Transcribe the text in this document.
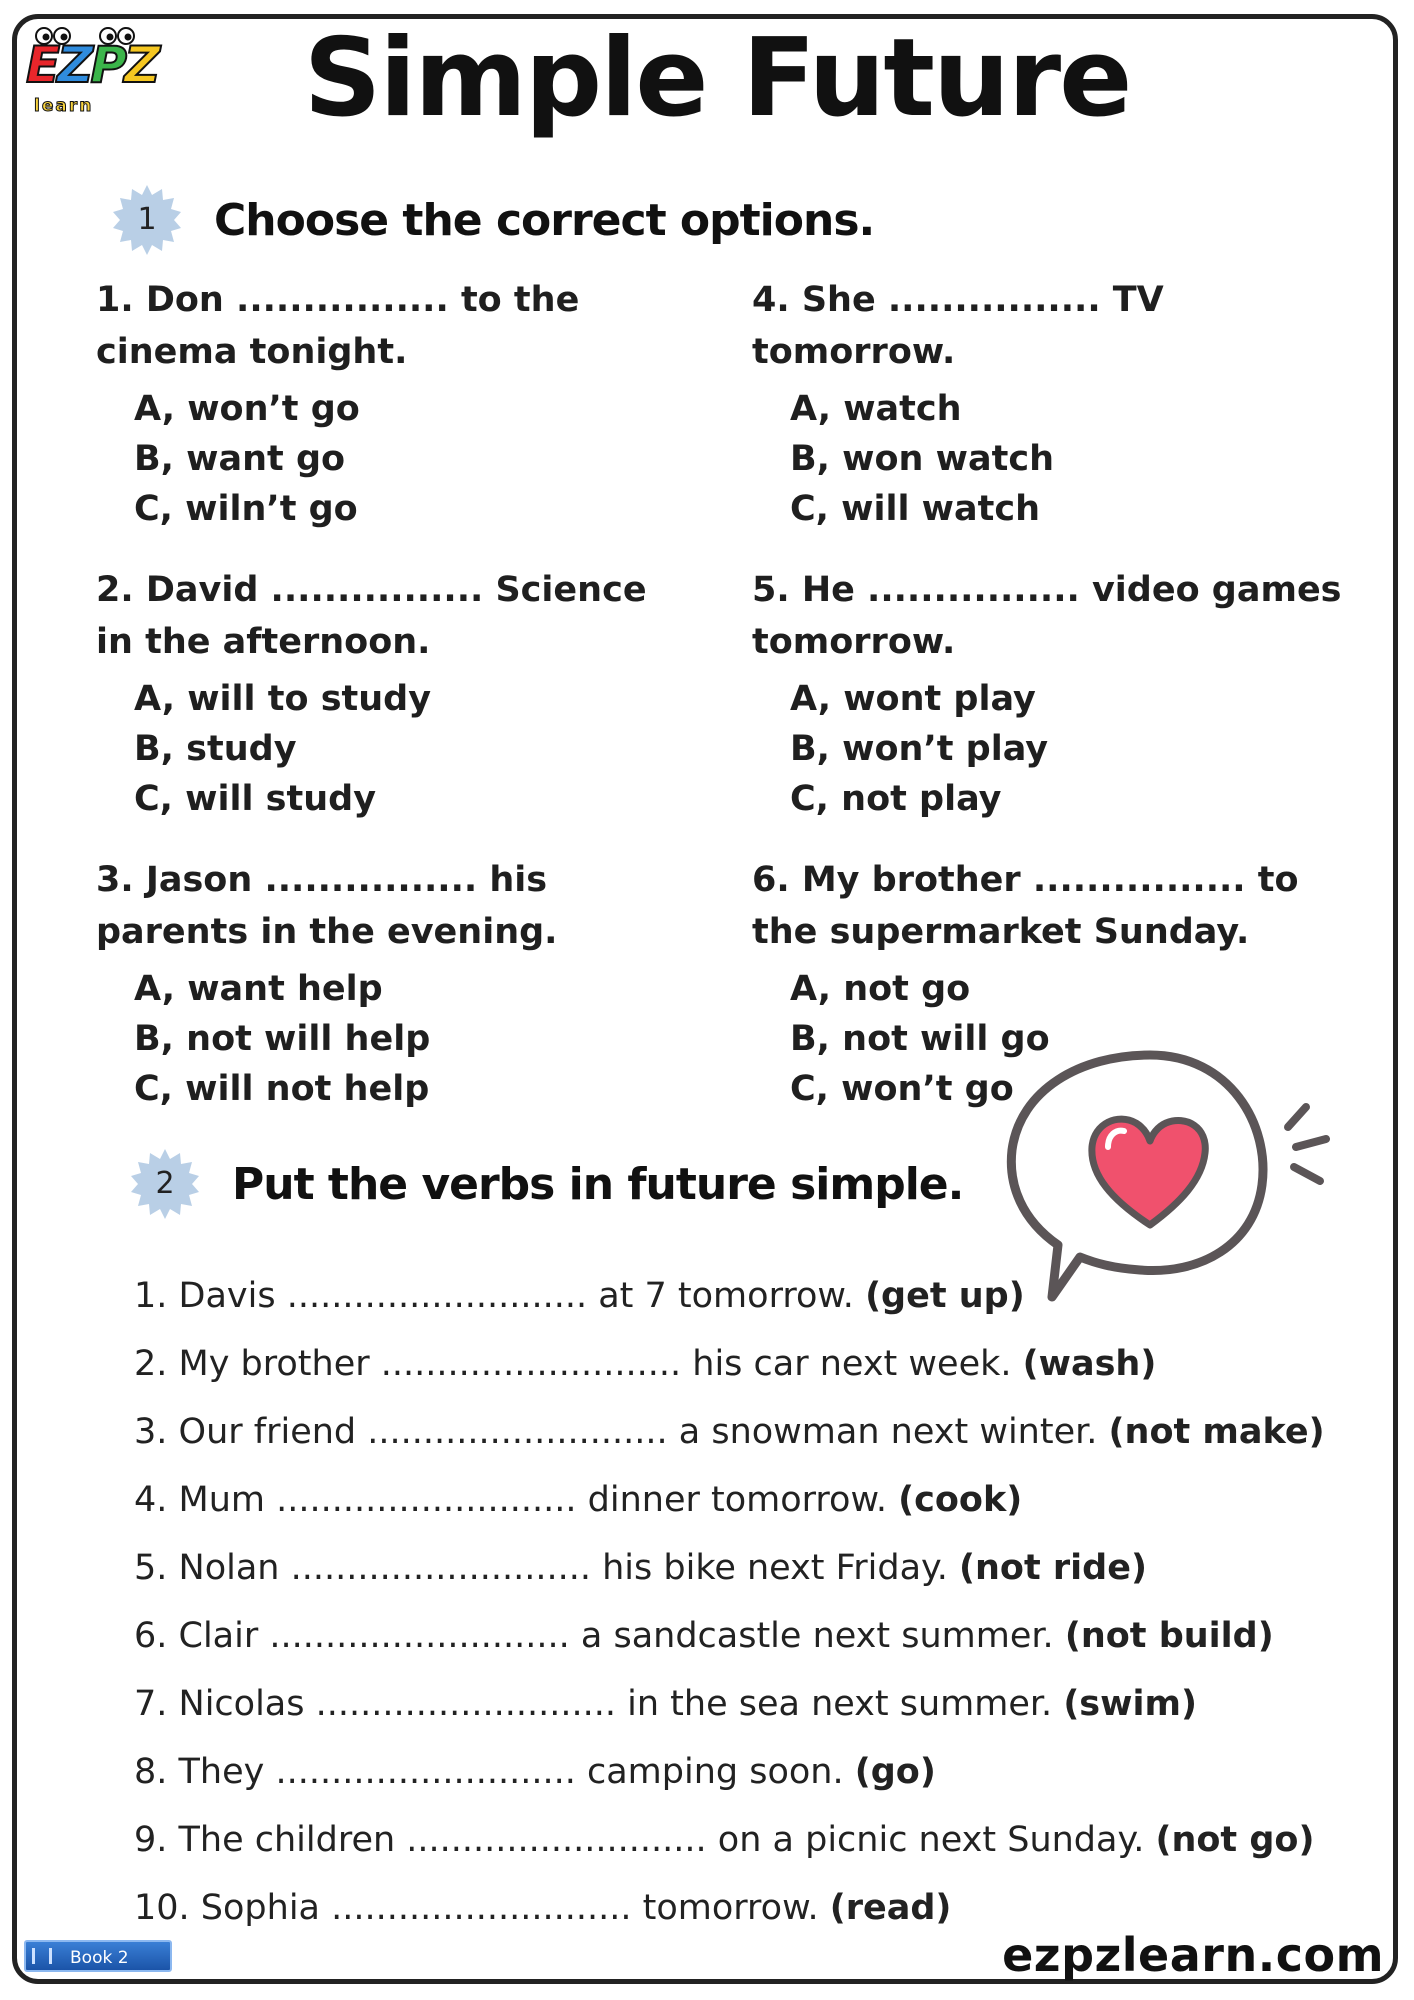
EZPZ
learn	Simple Future
1	Choose the correct options.
1. Don ................ to the cinema tonight.
A, won’t go
B, want go
C, wiln’t go
2. David ................ Science in the afternoon.
A, will to study
B, study
C, will study
3. Jason ................ his parents in the evening.
A, want help
B, not will help
C, will not help
4. She ................ TV tomorrow.
A, watch
B, won watch
C, will watch
5. He ................ video games tomorrow.
A, wont play
B, won’t play
C, not play
6. My brother ................ to the supermarket Sunday.
A, not go
B, not will go
C, won’t go
2	Put the verbs in future simple.
1. Davis ........................... at 7 tomorrow. (get up)
2. My brother ........................... his car next week. (wash)
3. Our friend ........................... a snowman next winter. (not make)
4. Mum ........................... dinner tomorrow. (cook)
5. Nolan ........................... his bike next Friday. (not ride)
6. Clair ........................... a sandcastle next summer. (not build)
7. Nicolas ........................... in the sea next summer. (swim)
8. They ........................... camping soon. (go)
9. The children ........................... on a picnic next Sunday. (not go)
10. Sophia ........................... tomorrow. (read)
Book 2	ezpzlearn.com
